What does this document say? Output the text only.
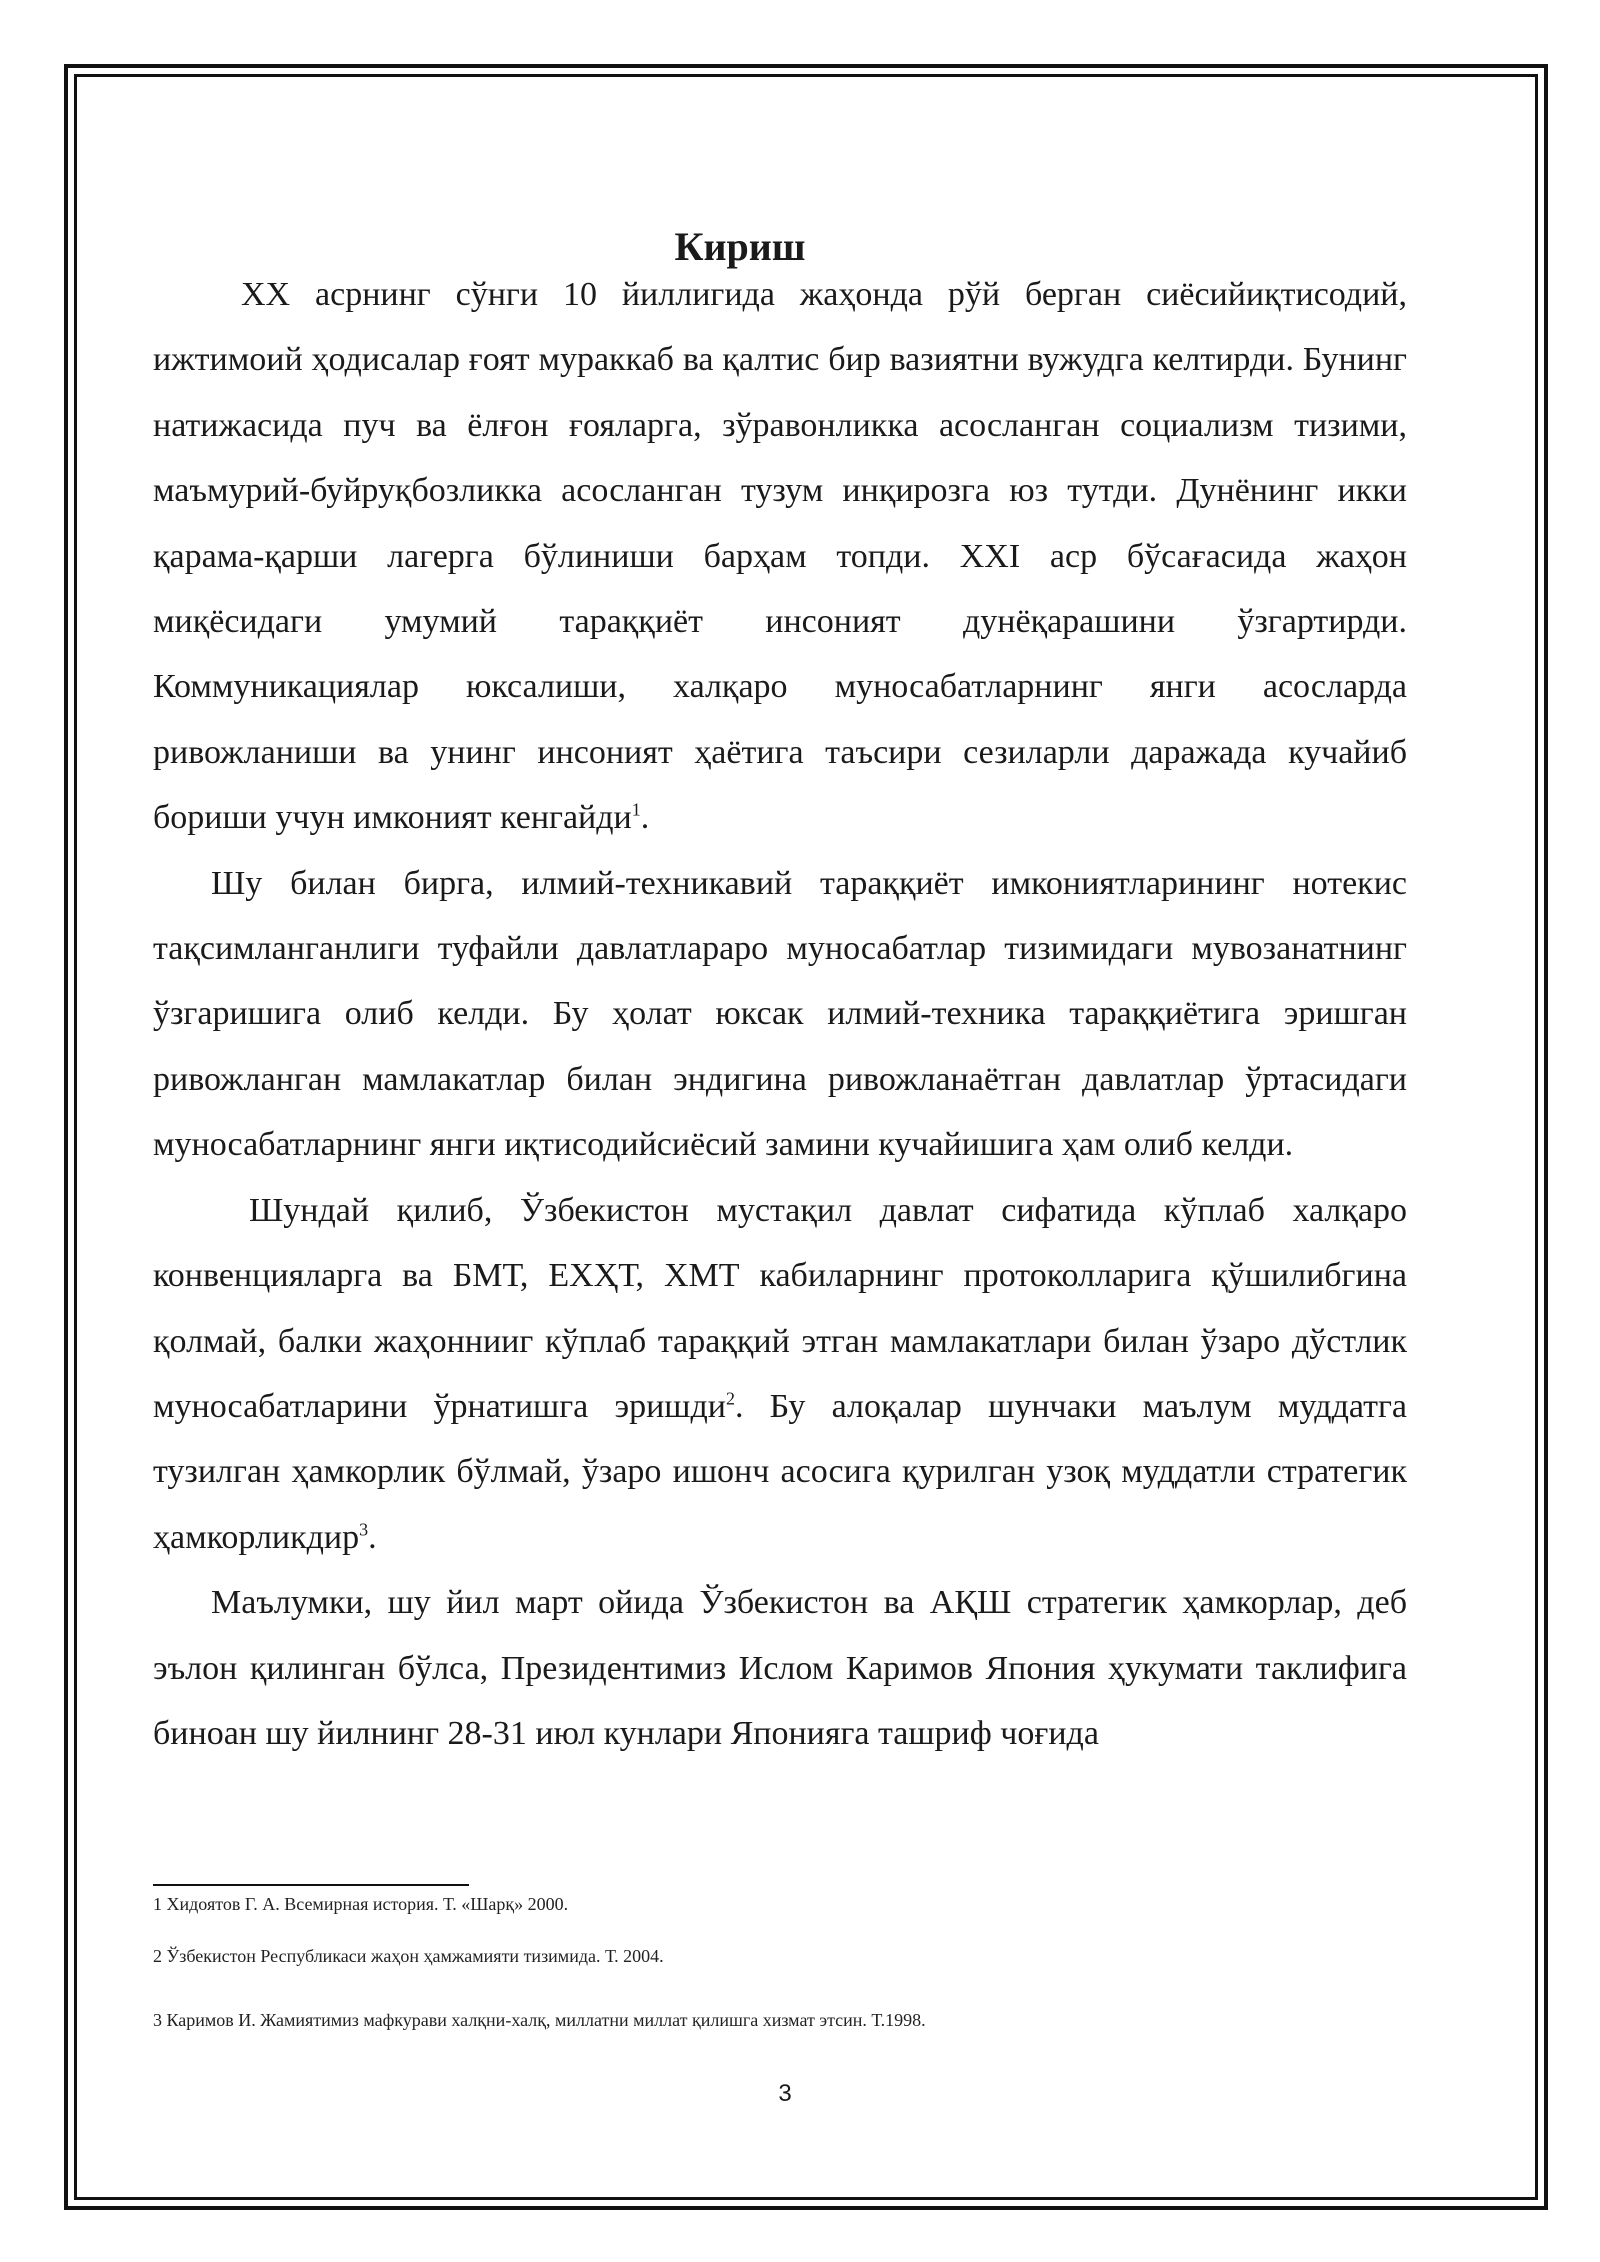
Кириш

XX асрнинг сўнги 10 йиллигида жаҳонда рўй берган сиёсийиқтисодий, ижтимоий ҳодисалар ғоят мураккаб ва қалтис бир вазиятни вужудга келтирди. Бунинг натижасида пуч ва ёлғон ғояларга, зўравонликка асосланган социализм тизими, маъмурий-буйруқбозликка асосланган тузум инқирозга юз тутди. Дунёнинг икки қарама-қарши лагерга бўлиниши барҳам топди. XXI аср бўсағасида жаҳон миқёсидаги умумий тараққиёт инсоният дунёқарашини ўзгартирди. Коммуникациялар юксалиши, халқаро муносабатларнинг янги асосларда ривожланиши ва унинг инсоният ҳаётига таъсири сезиларли даражада кучайиб бориши учун имконият кенгайди$^1$.

Шу билан бирга, илмий-техникавий тараққиёт имкониятларининг нотекис тақсимланганлиги туфайли давлатлараро муносабатлар тизимидаги мувозанатнинг ўзгаришига олиб келди. Бу ҳолат юксак илмий-техника тараққиётига эришган ривожланган мамлакатлар билан эндигина ривожланаётган давлатлар ўртасидаги муносабатларнинг янги иқтисодийсиёсий замини кучайишига ҳам олиб келди.

Шундай қилиб, Ўзбекистон мустақил давлат сифатида кўплаб халқаро конвенцияларга ва БМТ, ЕХҲТ, ХМТ кабиларнинг протоколларига қўшилибгина қолмай, балки жаҳоннииг кўплаб тараққий этган мамлакатлари билан ўзаро дўстлик муносабатларини ўрнатишга эришди$^2$. Бу алоқалар шунчаки маълум муддатга тузилган ҳамкорлик бўлмай, ўзаро ишонч асосига қурилган узоқ муддатли стратегик ҳамкорликдир$^3$.

Маълумки, шу йил март ойида Ўзбекистон ва АҚШ стратегик ҳамкорлар, деб эълон қилинган бўлса, Президентимиз Ислом Каримов Япония ҳукумати таклифига биноан шу йилнинг 28-31 июл кунлари Японияга ташриф чоғида

1 Хидоятов Г. А. Всемирная история. Т. «Шарқ» 2000.
2 Ўзбекистон Республикаси жаҳон ҳамжамияти тизимида. Т. 2004.
3 Каримов И. Жамиятимиз мафкурави халқни-халқ, миллатни миллат қилишга хизмат этсин. Т.1998.
3
